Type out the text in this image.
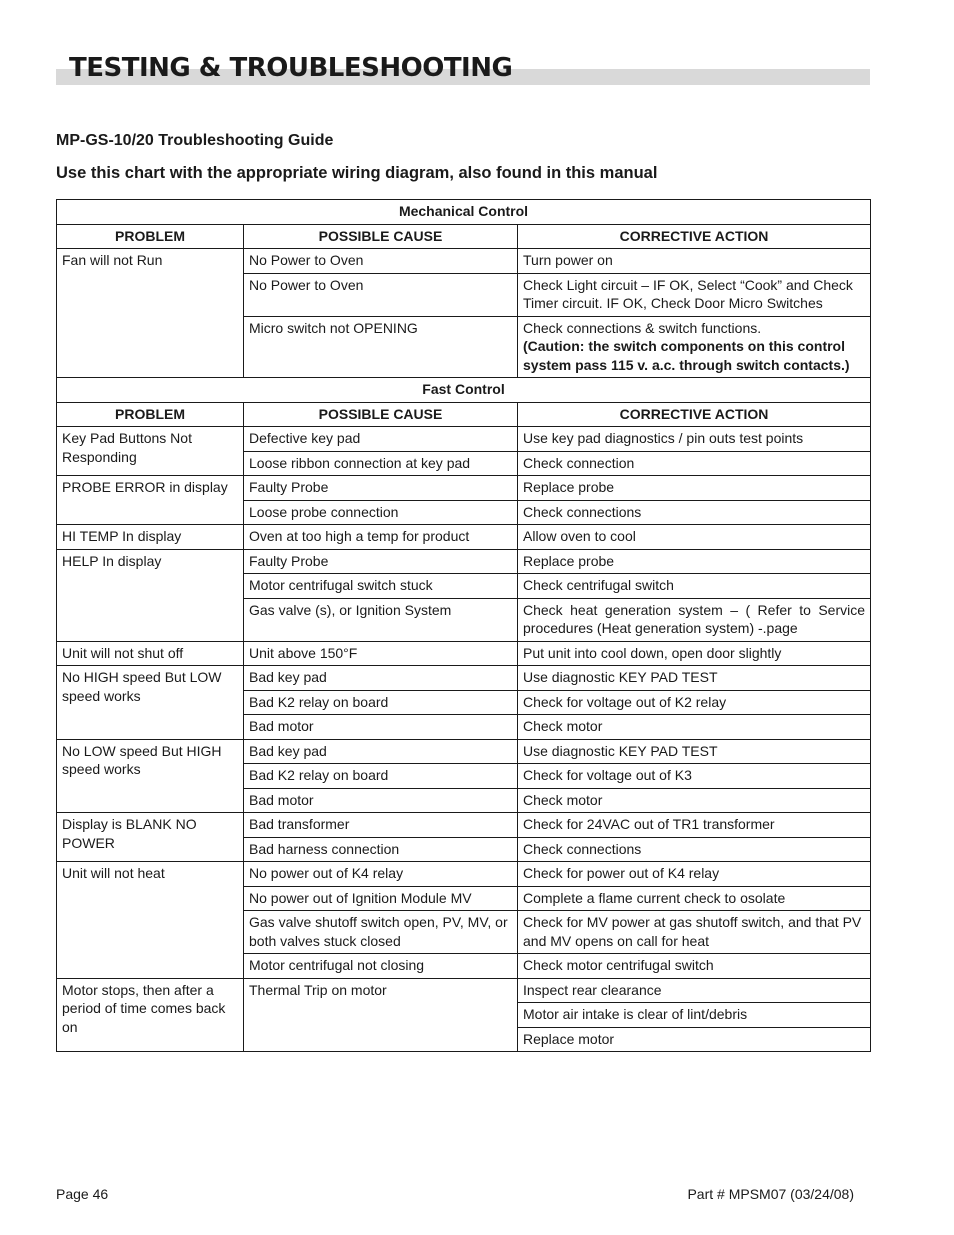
TESTING & TROUBLESHOOTING
MP-GS-10/20 Troubleshooting Guide

Use this chart with the appropriate wiring diagram, also found in this manual

Mechanical Control		
PROBLEM	POSSIBLE CAUSE	CORRECTIVE ACTION
Fan will not Run	No Power to Oven	Turn power on
	No Power to Oven	Check Light circuit – IF OK, Select “Cook” and Check Timer circuit. IF OK, Check Door Micro Switches
	Micro switch not OPENING	Check connections & switch functions.
(Caution: the switch components on this control system pass 115 v. a.c. through switch contacts.)

Fast Control		
PROBLEM	POSSIBLE CAUSE	CORRECTIVE ACTION
Key Pad Buttons Not Responding	Defective key pad	Use key pad diagnostics / pin outs test points
	Loose ribbon connection at key pad	Check connection
PROBE ERROR in display	Faulty Probe	Replace probe
	Loose probe connection	Check connections
HI TEMP In display	Oven at too high a temp for product	Allow oven to cool
HELP In display	Faulty Probe	Replace probe
	Motor centrifugal switch stuck	Check centrifugal switch
	Gas valve (s), or Ignition System	Check heat generation system – ( Refer to Service procedures (Heat generation system) -.page
Unit will not shut off	Unit above 150°F	Put unit into cool down, open door slightly
No HIGH speed But LOW speed works	Bad key pad	Use diagnostic KEY PAD TEST
	Bad K2 relay on board	Check for voltage out of K2 relay
	Bad motor	Check motor
No LOW speed But HIGH speed works	Bad key pad	Use diagnostic KEY PAD TEST
	Bad K2 relay on board	Check for voltage out of K3
	Bad motor	Check motor
Display is BLANK NO POWER	Bad transformer	Check for 24VAC out of TR1 transformer
	Bad harness connection	Check connections
Unit will not heat	No power out of K4 relay	Check for power out of K4 relay
	No power out of Ignition Module MV	Complete a flame current check to osolate
	Gas valve shutoff switch open, PV, MV, or both valves stuck closed	Check for MV power at gas shutoff switch, and that PV and MV opens on call for heat
	Motor centrifugal not closing	Check motor centrifugal switch
Motor stops, then after a period of time comes back on	Thermal Trip on motor	Inspect rear clearance
		Motor air intake is clear of lint/debris
		Replace motor
Page 46	Part # MPSM07 (03/24/08)
